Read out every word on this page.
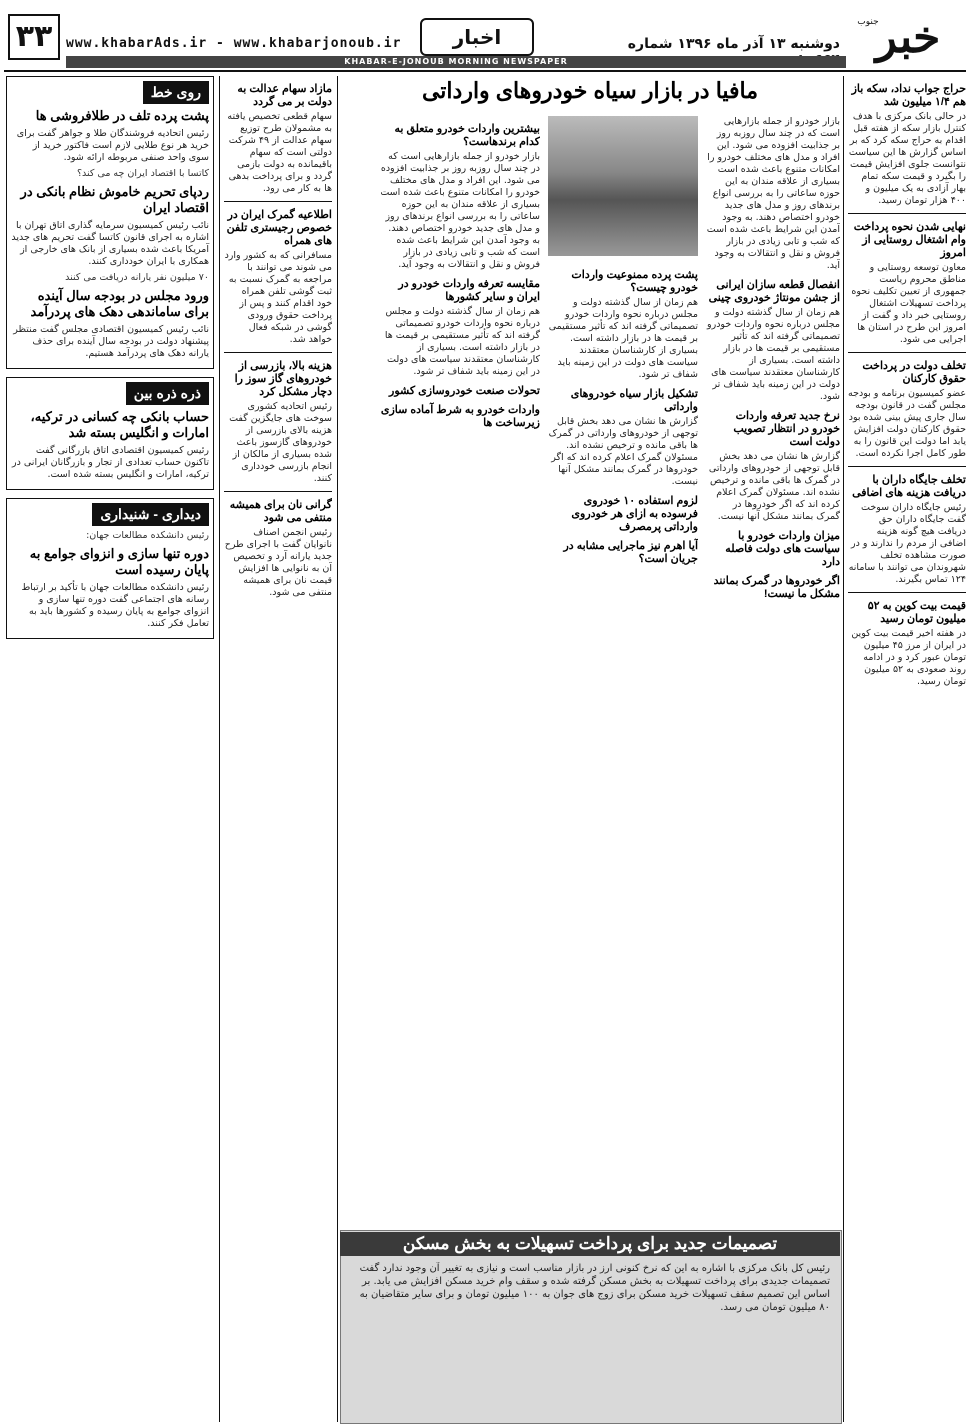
۳۳	www.khabarAds.ir - www.khabarjonoub.ir	اخبار	دوشنبه ۱۳ آذر ماه ۱۳۹۶ شماره
KHABAR-E-JONOUB MORNING NEWSPAPER	خبر
جنوب
حراج جواب نداد، سکه باز هم ۱/۴ میلیون شد

در حالی بانک مرکزی با هدف کنترل بازار سکه از هفته قبل اقدام به حراج سکه کرد که بر اساس گزارش ها این سیاست نتوانست جلوی افزایش قیمت را بگیرد و قیمت سکه تمام بهار آزادی به یک میلیون و ۴۰۰ هزار تومان رسید.

نهایی شدن نحوه پرداخت وام اشتغال روستایی از امروز

معاون توسعه روستایی و مناطق محروم ریاست جمهوری از تعیین تکلیف نحوه پرداخت تسهیلات اشتغال روستایی خبر داد و گفت از امروز این طرح در استان ها اجرایی می شود.

تخلف دولت در پرداخت حقوق کارکنان

عضو کمیسیون برنامه و بودجه مجلس گفت در قانون بودجه سال جاری پیش بینی شده بود حقوق کارکنان دولت افزایش یابد اما دولت این قانون را به طور کامل اجرا نکرده است.

تخلف جایگاه داران با دریافت هزینه های اضافی

رئیس جایگاه داران سوخت گفت جایگاه داران حق دریافت هیچ گونه هزینه اضافی از مردم را ندارند و در صورت مشاهده تخلف شهروندان می توانند با سامانه ۱۲۴ تماس بگیرند.

قیمت بیت کوین به ۵۲ میلیون تومان رسید

در هفته اخیر قیمت بیت کوین در ایران از مرز ۴۵ میلیون تومان عبور کرد و در ادامه روند صعودی به ۵۲ میلیون تومان رسید.

مافیا در بازار سیاه خودروهای وارداتی

بازار خودرو از جمله بازارهایی است که در چند سال روزبه روز بر جذابیت افزوده می شود. این افراد و مدل های مختلف خودرو را امکانات متنوع باعث شده است بسیاری از علاقه مندان به این حوزه ساعاتی را به بررسی انواع برندهای روز و مدل های جدید خودرو اختصاص دهند. به وجود آمدن این شرایط باعث شده است که شب و تابی زیادی در بازار فروش و نقل و انتقالات به وجود آید.

انفصال قطعه سازان ایرانی از جشن مونتاژ خودروی چینی

هم زمان از سال گذشته دولت و مجلس درباره نحوه واردات خودرو تصمیماتی گرفته اند که تأثیر مستقیمی بر قیمت ها در بازار داشته است. بسیاری از کارشناسان معتقدند سیاست های دولت در این زمینه باید شفاف تر شود.

نرخ جدید تعرفه واردات خودرو در انتظار تصویب دولت است

گزارش ها نشان می دهد بخش قابل توجهی از خودروهای وارداتی در گمرک ها باقی مانده و ترخیص نشده اند. مسئولان گمرک اعلام کرده اند که اگر خودروها در گمرک بمانند مشکل آنها نیست.

میزان واردات خودرو با سیاست های دولت فاصله دارد
اگر خودروها در گمرک بمانند مشکل ما نیست!
پشت پرده ممنوعیت واردات خودرو چیست؟

هم زمان از سال گذشته دولت و مجلس درباره نحوه واردات خودرو تصمیماتی گرفته اند که تأثیر مستقیمی بر قیمت ها در بازار داشته است. بسیاری از کارشناسان معتقدند سیاست های دولت در این زمینه باید شفاف تر شود.

تشکیل بازار سیاه خودروهای وارداتی

گزارش ها نشان می دهد بخش قابل توجهی از خودروهای وارداتی در گمرک ها باقی مانده و ترخیص نشده اند. مسئولان گمرک اعلام کرده اند که اگر خودروها در گمرک بمانند مشکل آنها نیست.

لزوم استفاده ۱۰ خودروی فرسوده به ازای هر خودروی وارداتی پرمصرف
آیا اهرم نیز ماجرایی مشابه در جریان است؟
بیشترین واردات خودرو متعلق به کدام برندهاست؟

بازار خودرو از جمله بازارهایی است که در چند سال روزبه روز بر جذابیت افزوده می شود. این افراد و مدل های مختلف خودرو را امکانات متنوع باعث شده است بسیاری از علاقه مندان به این حوزه ساعاتی را به بررسی انواع برندهای روز و مدل های جدید خودرو اختصاص دهند. به وجود آمدن این شرایط باعث شده است که شب و تابی زیادی در بازار فروش و نقل و انتقالات به وجود آید.

مقایسه تعرفه واردات خودرو در ایران و سایر کشورها

هم زمان از سال گذشته دولت و مجلس درباره نحوه واردات خودرو تصمیماتی گرفته اند که تأثیر مستقیمی بر قیمت ها در بازار داشته است. بسیاری از کارشناسان معتقدند سیاست های دولت در این زمینه باید شفاف تر شود.

تحولات صنعت خودروسازی کشور
واردات خودرو به شرط آماده سازی زیرساخت ها
مازاد سهام عدالت به دولت بر می گردد

سهام قطعی تخصیص یافته به مشمولان طرح توزیع سهام عدالت از ۴۹ شرکت دولتی است که سهام باقیمانده به دولت بازمی گردد و برای پرداخت بدهی ها به کار می رود.

اطلاعیه گمرک ایران در خصوص رجیستری تلفن های همراه

مسافرانی که به کشور وارد می شوند می توانند با مراجعه به گمرک نسبت به ثبت گوشی تلفن همراه خود اقدام کنند و پس از پرداخت حقوق ورودی گوشی در شبکه فعال خواهد شد.

هزینه بالا، بازرسی از خودروهای گاز سوز را دچار مشکل کرد

رئیس اتحادیه کشوری سوخت های جایگزین گفت هزینه بالای بازرسی از خودروهای گازسوز باعث شده بسیاری از مالکان از انجام بازرسی خودداری کنند.

گرانی نان برای همیشه منتفی می شود

رئیس انجمن اصناف نانوایان گفت با اجرای طرح جدید یارانه آرد و تخصیص آن به نانوایی ها افزایش قیمت نان برای همیشه منتفی می شود.

روی خط
پشت پرده تلف در طلافروشی ها

رئیس اتحادیه فروشندگان طلا و جواهر گفت برای خرید هر نوع طلایی لازم است فاکتور خرید از سوی واحد صنفی مربوطه ارائه شود.

کاتسا با اقتصاد ایران چه می کند؟
ردپای تحریم خاموش نظام بانکی در اقتصاد ایران

نائب رئیس کمیسیون سرمایه گذاری اتاق تهران با اشاره به اجرای قانون کاتسا گفت تحریم های جدید آمریکا باعث شده بسیاری از بانک های خارجی از همکاری با ایران خودداری کنند.

۷۰ میلیون نفر یارانه دریافت می کنند
ورود مجلس در بودجه سال آینده برای ساماندهی دهک های پردرآمد

نائب رئیس کمیسیون اقتصادی مجلس گفت منتظر پیشنهاد دولت در بودجه سال آینده برای حذف یارانه دهک های پردرآمد هستیم.

ذره ذره بین
حساب بانکی چه کسانی در ترکیه، امارات و انگلیس بسته شد

رئیس کمیسیون اقتصادی اتاق بازرگانی گفت تاکنون حساب تعدادی از تجار و بازرگانان ایرانی در ترکیه، امارات و انگلیس بسته شده است.

دیداری - شنیداری
رئیس دانشکده مطالعات جهان:
دوره تنها سازی و انزوای جوامع به پایان رسیده است

رئیس دانشکده مطالعات جهان با تأکید بر ارتباط رسانه های اجتماعی گفت دوره تنها سازی و انزوای جوامع به پایان رسیده و کشورها باید به تعامل فکر کنند.

تصمیمات جدید برای پرداخت تسهیلات به بخش مسکن
رئیس کل بانک مرکزی با اشاره به این که نرخ کنونی ارز در بازار مناسب است و نیازی به تغییر آن وجود ندارد گفت تصمیمات جدیدی برای پرداخت تسهیلات به بخش مسکن گرفته شده و سقف وام خرید مسکن افزایش می یابد. بر اساس این تصمیم سقف تسهیلات خرید مسکن برای زوج های جوان به ۱۰۰ میلیون تومان و برای سایر متقاضیان به ۸۰ میلیون تومان می رسد.
